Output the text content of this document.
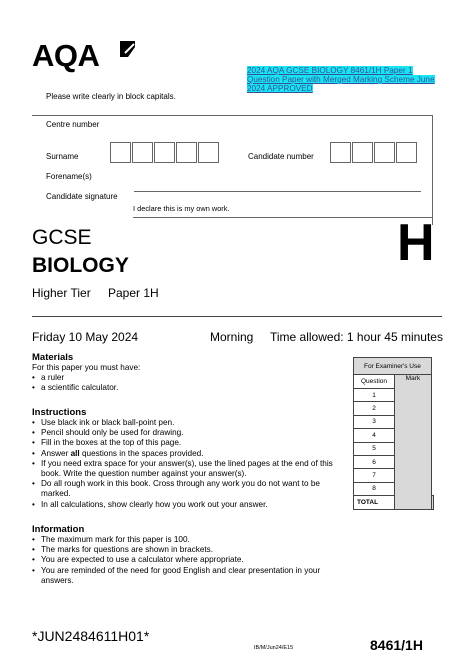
AQA	2024 AQA GCSE BIOLOGY 8461/1H Paper 1 Question Paper with Merged Marking Scheme June 2024 APPROVED
Please write clearly in block capitals.
Centre number
Surname	Candidate number
Forename(s)
Candidate signature
I declare this is my own work.
GCSE
BIOLOGY	H
Higher Tier Paper 1H
Friday 10 May 2024	Morning Time allowed: 1 hour 45 minutes
Materials
For this paper you must have:
• a ruler
• a scientific calculator.
Instructions
• Use black ink or black ball-point pen.
• Pencil should only be used for drawing.
• Fill in the boxes at the top of this page.
• Answer all questions in the spaces provided.
• If you need extra space for your answer(s), use the lined pages at the end of this book. Write the question number against your answer(s).
• Do all rough work in this book. Cross through any work you do not want to be marked.
• In all calculations, show clearly how you work out your answer.
Information
• The maximum mark for this paper is 100.
• The marks for questions are shown in brackets.
• You are expected to use a calculator where appropriate.
• You are reminded of the need for good English and clear presentation in your answers.
For Examiner's Use		
Question	Mark	
1		
2		
3		
4		
5		
6		
7		
8		
TOTAL		
*JUN2484611H01*
IB/M/Jun24/E15	8461/1H
